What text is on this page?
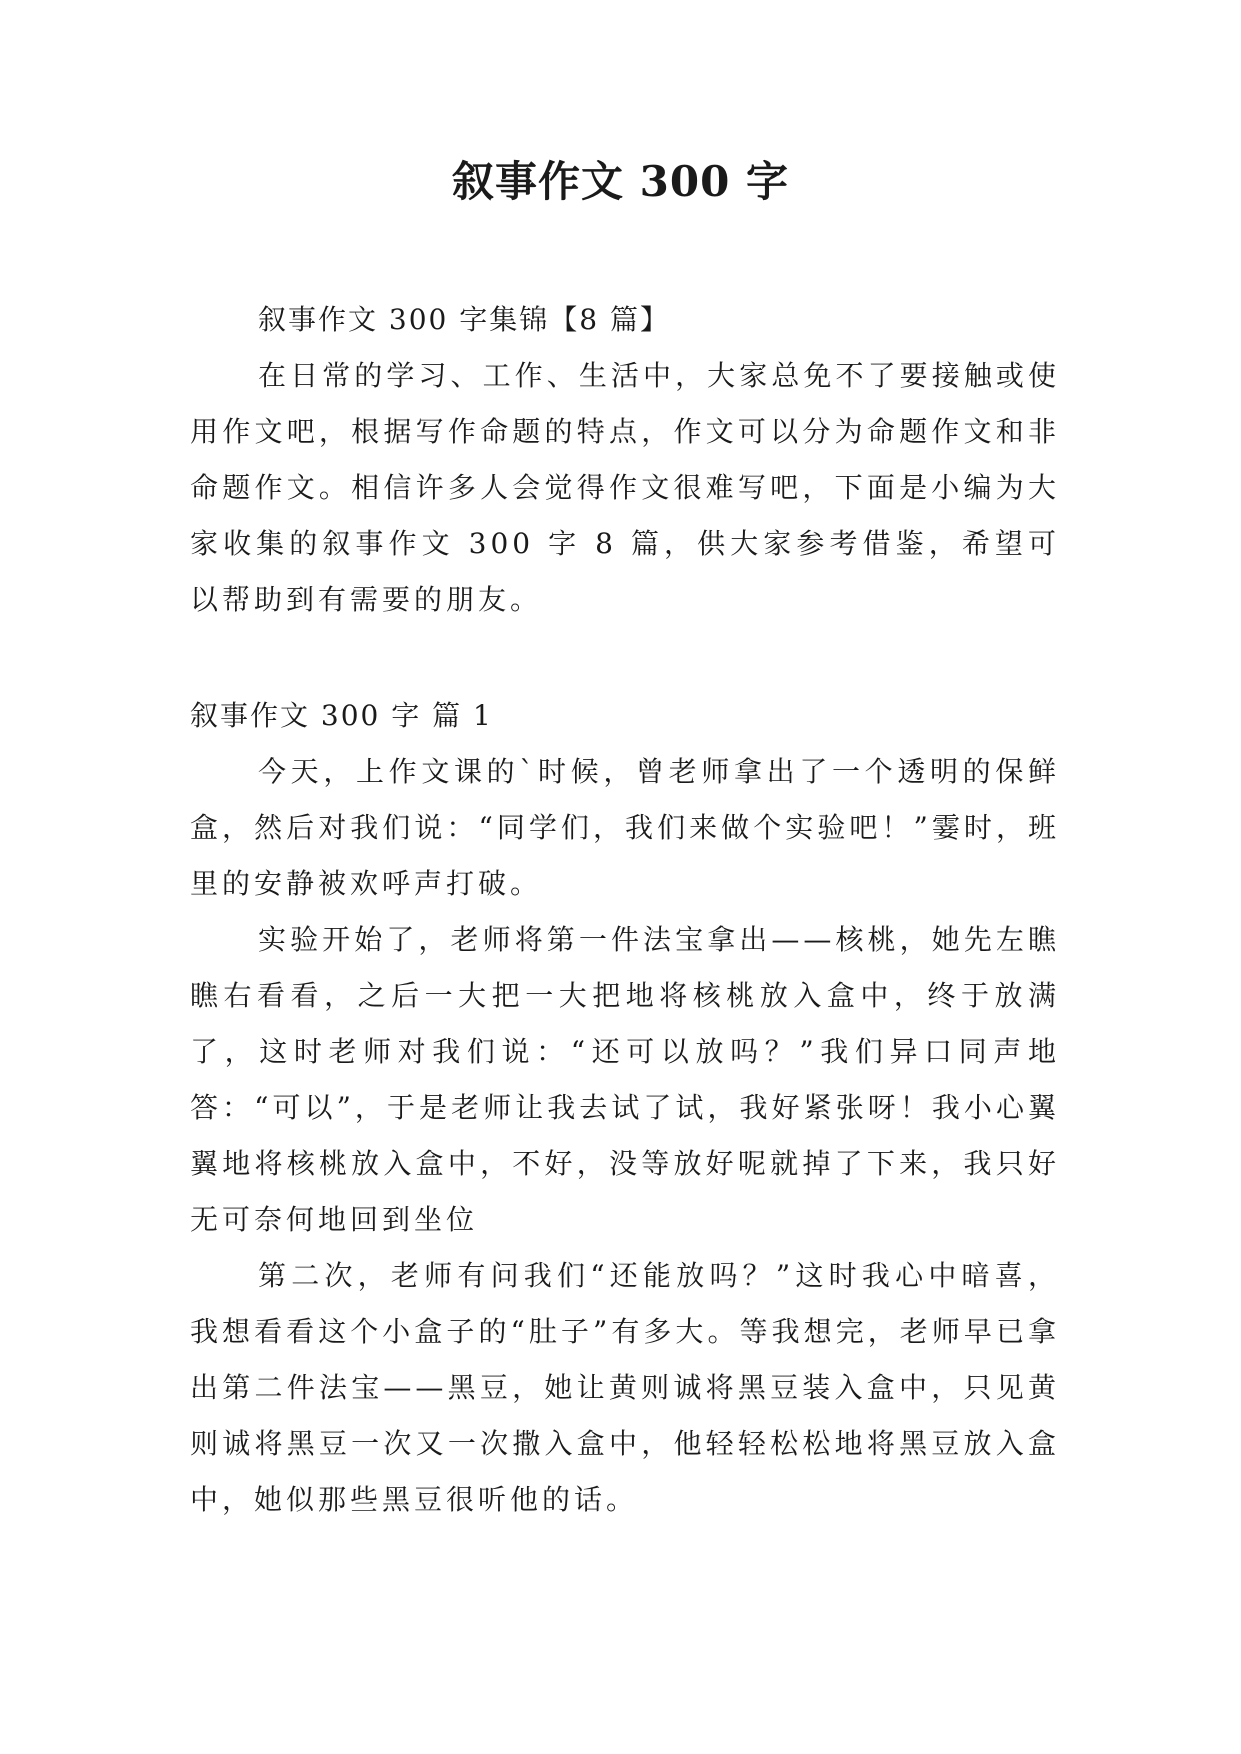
叙事作文 300 字

叙事作文 300 字集锦【8 篇】

在日常的学习、工作、生活中，大家总免不了要接触或使用作文吧，根据写作命题的特点，作文可以分为命题作文和非命题作文。相信许多人会觉得作文很难写吧，下面是小编为大家收集的叙事作文 300 字 8 篇，供大家参考借鉴，希望可以帮助到有需要的朋友。

叙事作文 300 字 篇 1

今天，上作文课的`时候，曾老师拿出了一个透明的保鲜盒，然后对我们说：“同学们，我们来做个实验吧！”霎时，班里的安静被欢呼声打破。

实验开始了，老师将第一件法宝拿出——核桃，她先左瞧瞧右看看，之后一大把一大把地将核桃放入盒中，终于放满了，这时老师对我们说：“还可以放吗？”我们异口同声地答：“可以”，于是老师让我去试了试，我好紧张呀！我小心翼翼地将核桃放入盒中，不好，没等放好呢就掉了下来，我只好无可奈何地回到坐位

第二次，老师有问我们“还能放吗？”这时我心中暗喜，我想看看这个小盒子的“肚子”有多大。等我想完，老师早已拿出第二件法宝——黑豆，她让黄则诚将黑豆装入盒中，只见黄则诚将黑豆一次又一次撒入盒中，他轻轻松松地将黑豆放入盒中，她似那些黑豆很听他的话。
